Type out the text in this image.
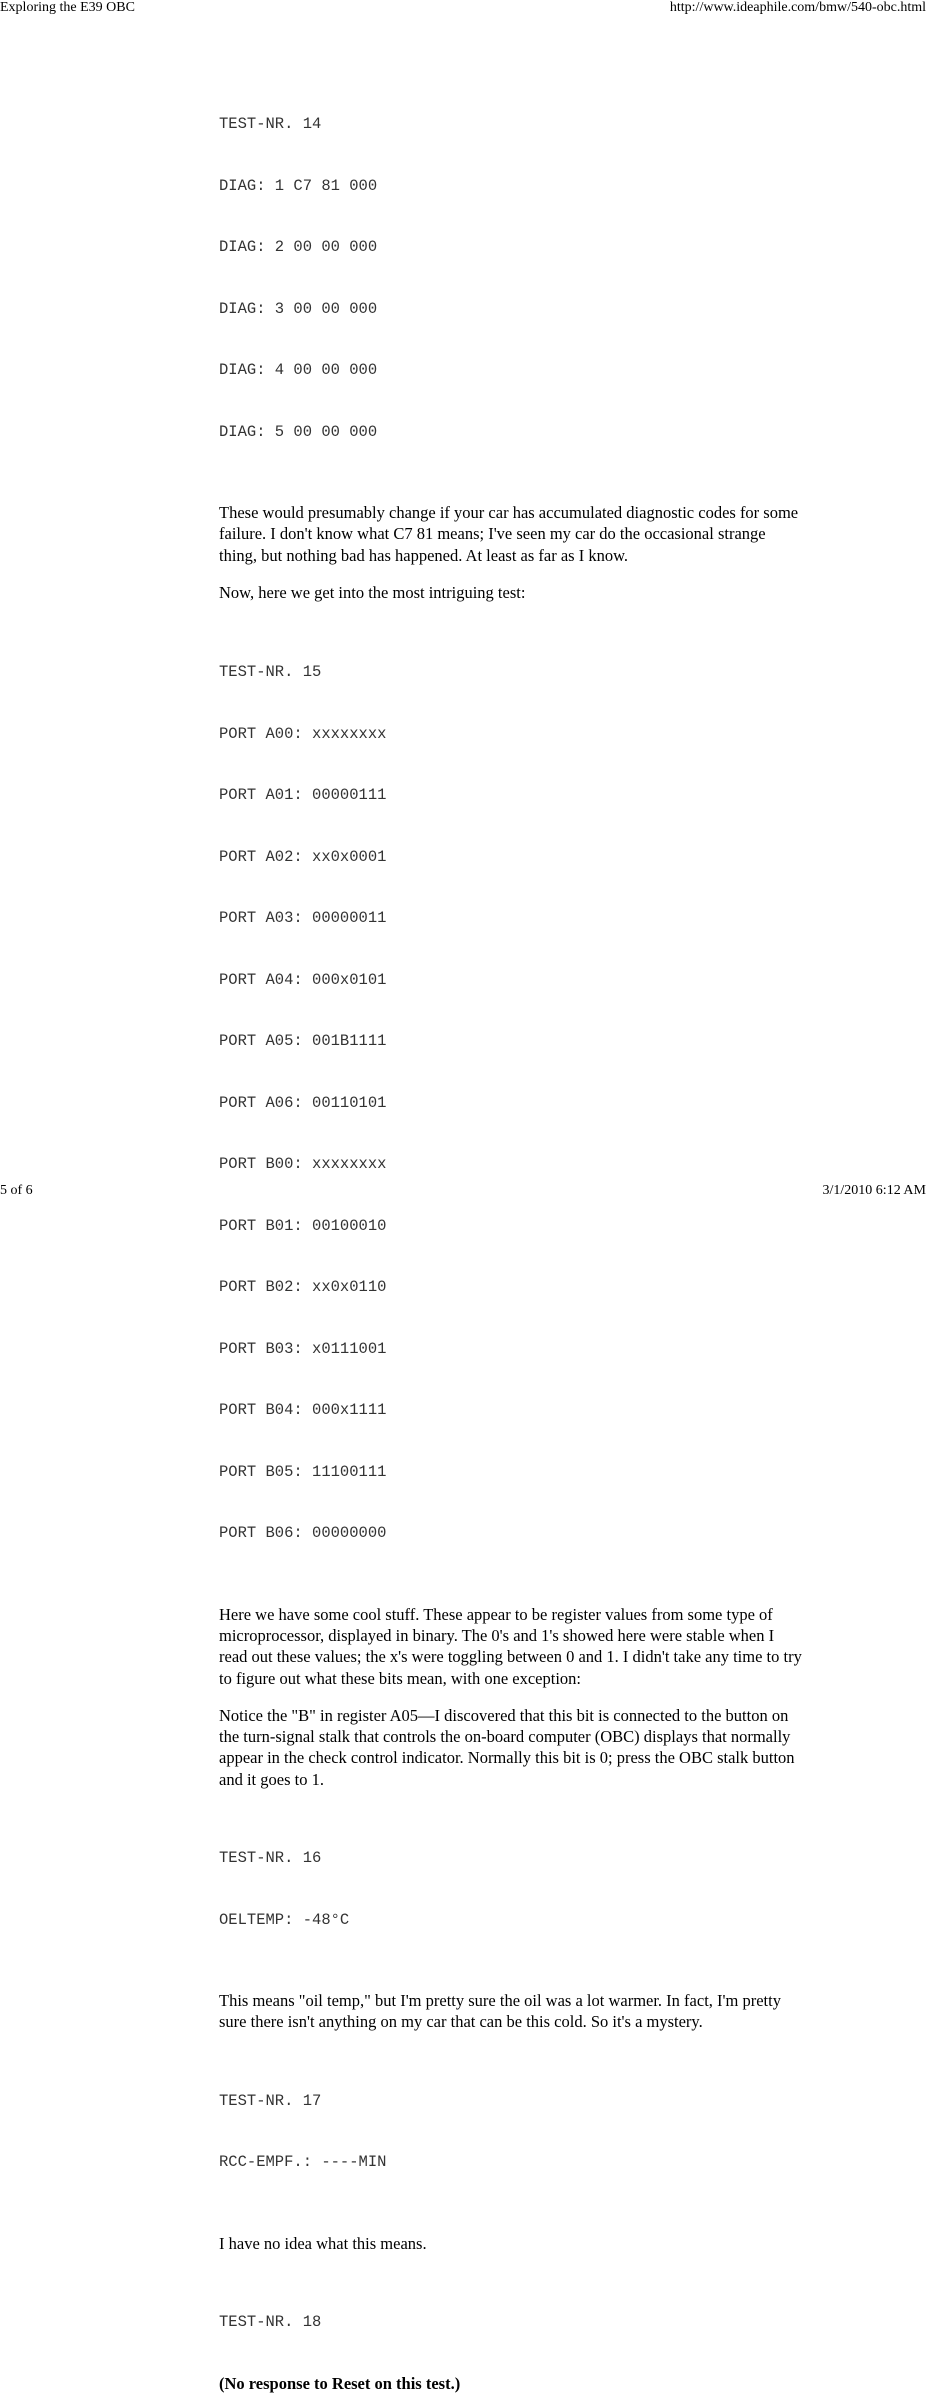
Exploring the E39 OBC	http://www.ideaphile.com/bmw/540-obc.html

TEST-NR. 14

DIAG: 1 C7 81 000

DIAG: 2 00 00 000

DIAG: 3 00 00 000

DIAG: 4 00 00 000

DIAG: 5 00 00 000

These would presumably change if your car has accumulated diagnostic codes for some
failure. I don't know what C7 81 means; I've seen my car do the occasional strange
thing, but nothing bad has happened. At least as far as I know.
Now, here we get into the most intriguing test:

TEST-NR. 15

PORT A00: xxxxxxxx

PORT A01: 00000111

PORT A02: xx0x0001

PORT A03: 00000011

PORT A04: 000x0101

PORT A05: 001B1111

PORT A06: 00110101

PORT B00: xxxxxxxx

PORT B01: 00100010

PORT B02: xx0x0110

PORT B03: x0111001

PORT B04: 000x1111

PORT B05: 11100111

PORT B06: 00000000

Here we have some cool stuff. These appear to be register values from some type of
microprocessor, displayed in binary. The 0's and 1's showed here were stable when I
read out these values; the x's were toggling between 0 and 1. I didn't take any time to try
to figure out what these bits mean, with one exception:
Notice the "B" in register A05—I discovered that this bit is connected to the button on
the turn-signal stalk that controls the on-board computer (OBC) displays that normally
appear in the check control indicator. Normally this bit is 0; press the OBC stalk button
and it goes to 1.

TEST-NR. 16

OELTEMP: -48°C

This means "oil temp," but I'm pretty sure the oil was a lot warmer. In fact, I'm pretty
sure there isn't anything on my car that can be this cold. So it's a mystery.

TEST-NR. 17

RCC-EMPF.: ----MIN

I have no idea what this means.

TEST-NR. 18

(No response to Reset on this test.)
5 of 6	3/1/2010 6:12 AM
